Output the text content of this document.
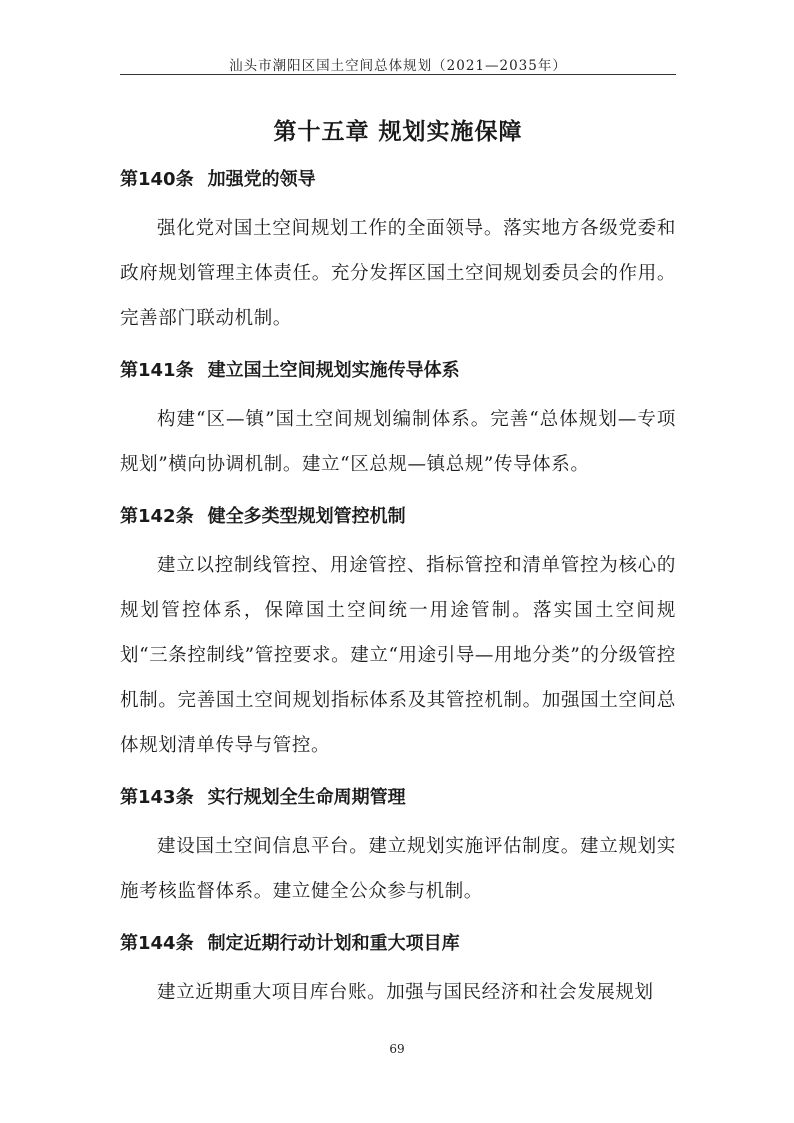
汕头市潮阳区国土空间总体规划（2021—2035年）
第十五章 规划实施保障
第140条 加强党的领导

强化党对国土空间规划工作的全面领导。落实地方各级党委和政府规划管理主体责任。充分发挥区国土空间规划委员会的作用。完善部门联动机制。

第141条 建立国土空间规划实施传导体系

构建“区—镇”国土空间规划编制体系。完善“总体规划—专项规划”横向协调机制。建立“区总规—镇总规”传导体系。

第142条 健全多类型规划管控机制

建立以控制线管控、用途管控、指标管控和清单管控为核心的规划管控体系，保障国土空间统一用途管制。落实国土空间规划“三条控制线”管控要求。建立“用途引导—用地分类”的分级管控机制。完善国土空间规划指标体系及其管控机制。加强国土空间总体规划清单传导与管控。

第143条 实行规划全生命周期管理

建设国土空间信息平台。建立规划实施评估制度。建立规划实施考核监督体系。建立健全公众参与机制。

第144条 制定近期行动计划和重大项目库

建立近期重大项目库台账。加强与国民经济和社会发展规划

69
